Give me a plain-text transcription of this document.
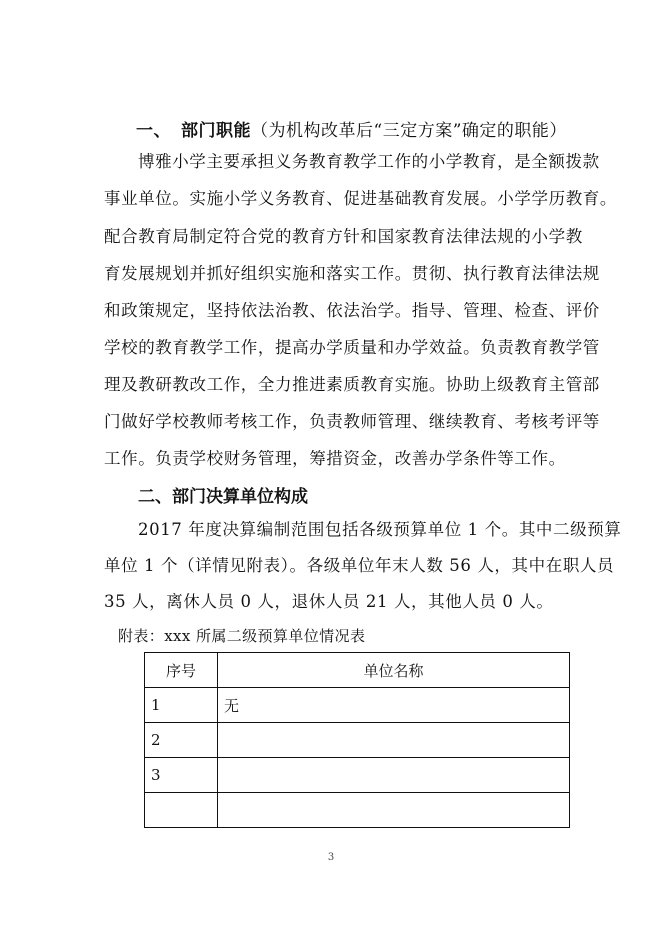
一、 部门职能（为机构改革后“三定方案”确定的职能）
博雅小学主要承担义务教育教学工作的小学教育，是全额拨款
事业单位。实施小学义务教育、促进基础教育发展。小学学历教育。
配合教育局制定符合党的教育方针和国家教育法律法规的小学教
育发展规划并抓好组织实施和落实工作。贯彻、执行教育法律法规
和政策规定，坚持依法治教、依法治学。指导、管理、检查、评价
学校的教育教学工作，提高办学质量和办学效益。负责教育教学管
理及教研教改工作，全力推进素质教育实施。协助上级教育主管部
门做好学校教师考核工作，负责教师管理、继续教育、考核考评等
工作。负责学校财务管理，筹措资金，改善办学条件等工作。
二、部门决算单位构成
2017 年度决算编制范围包括各级预算单位 1 个。其中二级预算
单位 1 个（详情见附表）。各级单位年末人数 56 人，其中在职人员
35 人，离休人员 0 人，退休人员 21 人，其他人员 0 人。
附表：xxx 所属二级预算单位情况表
序号	单位名称
1	无
2	
3	

3
